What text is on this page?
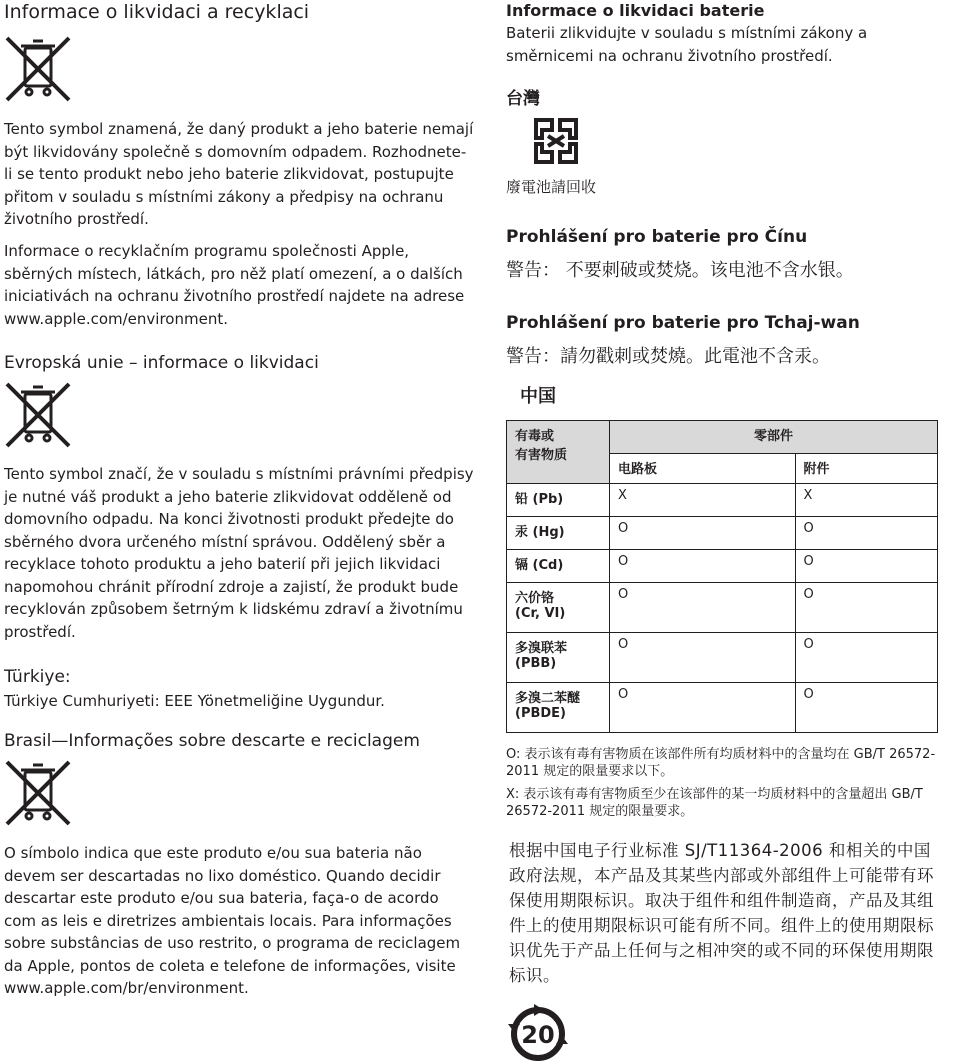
Informace o likvidaci a recyklaci

Tento symbol znamená, že daný produkt a jeho baterie nemají být likvidovány společně s domovním odpadem. Rozhodnete-li se tento produkt nebo jeho baterie zlikvidovat, postupujte přitom v souladu s místními zákony a předpisy na ochranu životního prostředí.

Informace o recyklačním programu společnosti Apple, sběrných místech, látkách, pro něž platí omezení, a o dalších iniciativách na ochranu životního prostředí najdete na adrese www.apple.com/environment.

Evropská unie – informace o likvidaci

Tento symbol značí, že v souladu s místními právními předpisy je nutné váš produkt a jeho baterie zlikvidovat odděleně od domovního odpadu. Na konci životnosti produkt předejte do sběrného dvora určeného místní správou. Oddělený sběr a recyklace tohoto produktu a jeho baterií při jejich likvidaci napomohou chránit přírodní zdroje a zajistí, že produkt bude recyklován způsobem šetrným k lidskému zdraví a životnímu prostředí.

Türkiye:

Türkiye Cumhuriyeti: EEE Yönetmeliğine Uygundur.

Brasil—Informações sobre descarte e reciclagem

O símbolo indica que este produto e/ou sua bateria não devem ser descartadas no lixo doméstico. Quando decidir descartar este produto e/ou sua bateria, faça-o de acordo com as leis e diretrizes ambientais locais. Para informações sobre substâncias de uso restrito, o programa de reciclagem da Apple, pontos de coleta e telefone de informações, visite www.apple.com/br/environment.

Informace o likvidaci baterie

Baterii zlikvidujte v souladu s místními zákony a směrnicemi na ochranu životního prostředí.

台灣

廢電池請回收

Prohlášení pro baterie pro Čínu

警告： 不要刺破或焚烧。该电池不含水银。

Prohlášení pro baterie pro Tchaj-wan

警告：請勿戳刺或焚燒。此電池不含汞。

中国
有毒或
有害物质	零部件	
	电路板	附件
铅 (Pb)	X	X
汞 (Hg)	O	O
镉 (Cd)	O	O
六价铬
(Cr, VI)	O	O
多溴联苯
(PBB)	O	O
多溴二苯醚
(PBDE)	O	O

O: 表示该有毒有害物质在该部件所有均质材料中的含量均在 GB/T 26572-2011 规定的限量要求以下。

X: 表示该有毒有害物质至少在该部件的某一均质材料中的含量超出 GB/T 26572-2011 规定的限量要求。

根据中国电子行业标准 SJ/T11364-2006 和相关的中国政府法规，本产品及其某些内部或外部组件上可能带有环保使用期限标识。取决于组件和组件制造商，产品及其组件上的使用期限标识可能有所不同。组件上的使用期限标识优先于产品上任何与之相冲突的或不同的环保使用期限标识。

20
